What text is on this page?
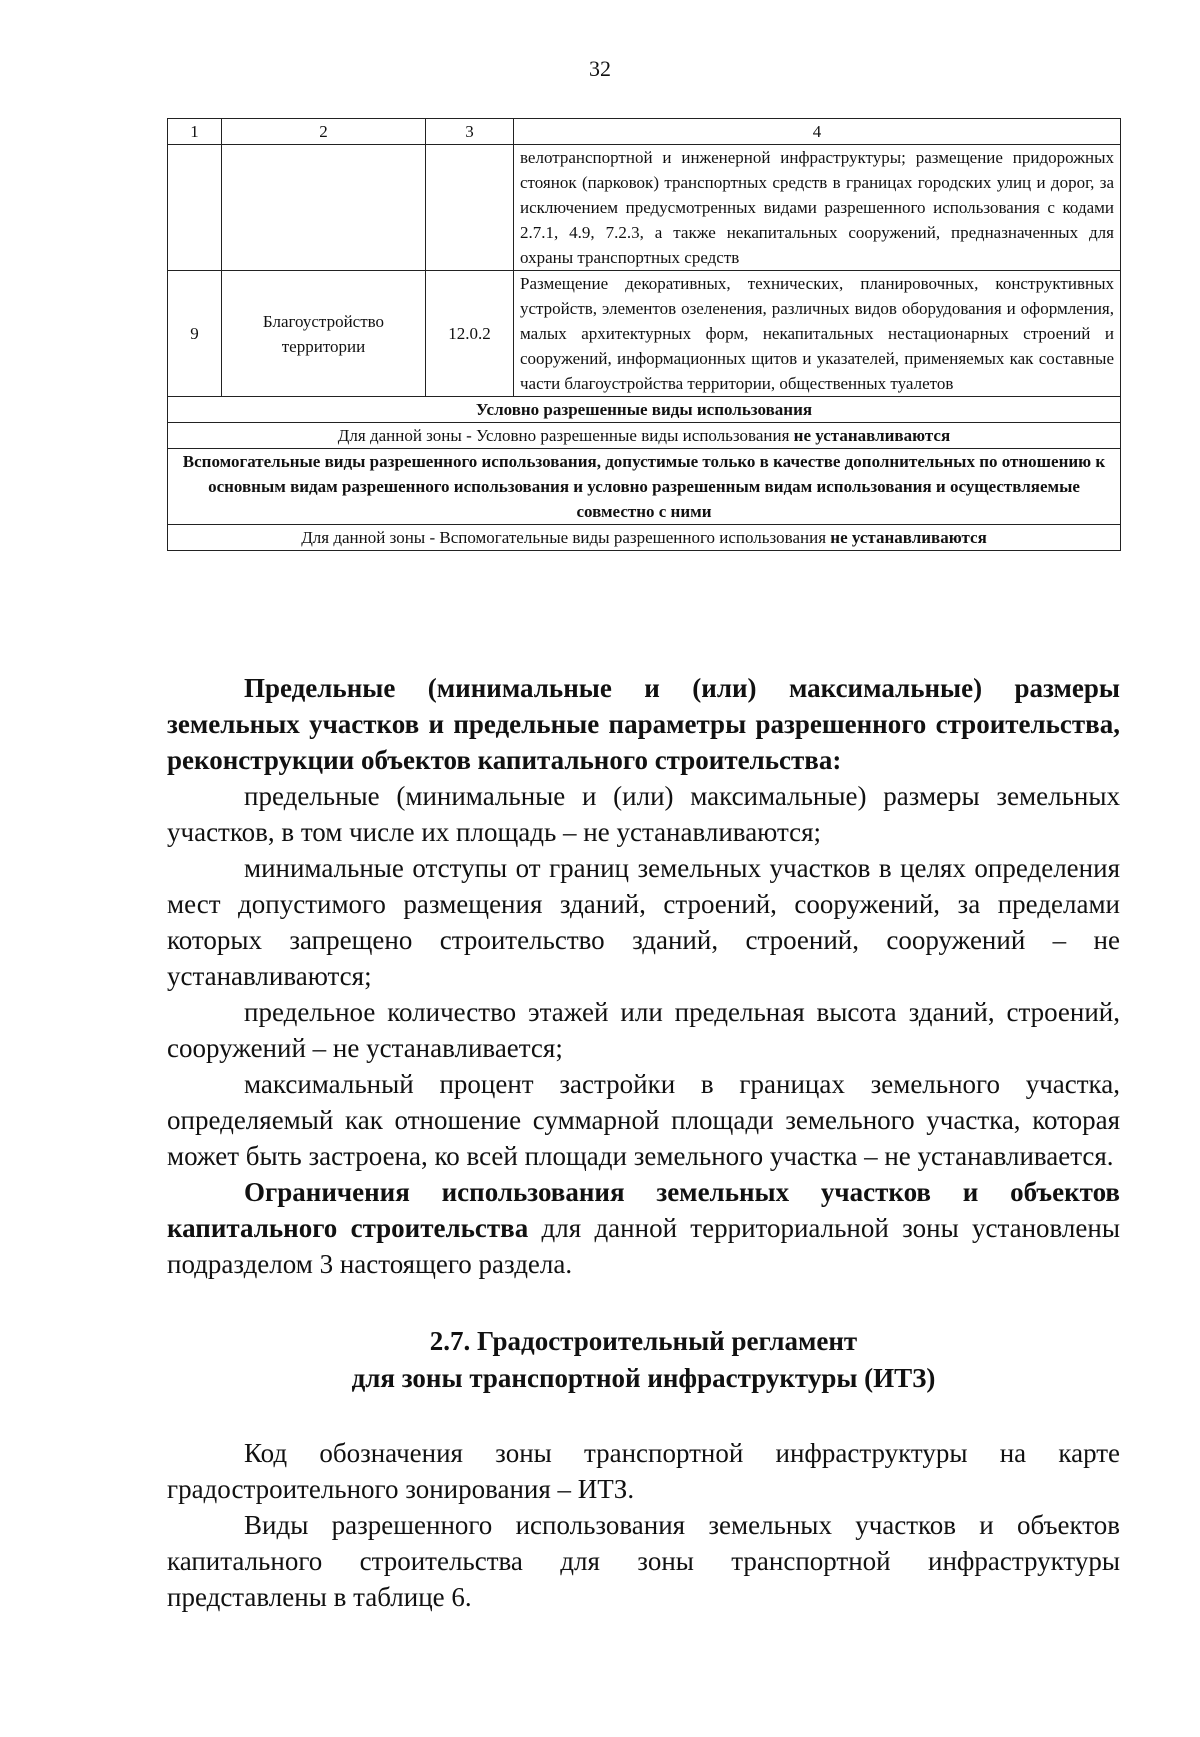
32
1	2	3	4
			велотранспортной и инженерной инфраструктуры; размещение придорожных стоянок (парковок) транспортных средств в границах городских улиц и дорог, за исключением предусмотренных видами разрешенного использования с кодами 2.7.1, 4.9, 7.2.3, а также некапитальных сооружений, предназначенных для охраны транспортных средств
9	Благоустройство территории	12.0.2	Размещение декоративных, технических, планировочных, конструктивных устройств, элементов озеленения, различных видов оборудования и оформления, малых архитектурных форм, некапитальных нестационарных строений и сооружений, информационных щитов и указателей, применяемых как составные части благоустройства территории, общественных туалетов
Условно разрешенные виды использования			
Для данной зоны - Условно разрешенные виды использования не устанавливаются			
Вспомогательные виды разрешенного использования, допустимые только в качестве дополнительных по отношению к основным видам разрешенного использования и условно разрешенным видам использования и осуществляемые совместно с ними			
Для данной зоны - Вспомогательные виды разрешенного использования не устанавливаются			

Предельные (минимальные и (или) максимальные) размеры земельных участков и предельные параметры разрешенного строительства, реконструкции объектов капитального строительства:

предельные (минимальные и (или) максимальные) размеры земельных участков, в том числе их площадь – не устанавливаются;

минимальные отступы от границ земельных участков в целях определения мест допустимого размещения зданий, строений, сооружений, за пределами которых запрещено строительство зданий, строений, сооружений – не устанавливаются;

предельное количество этажей или предельная высота зданий, строений, сооружений – не устанавливается;

максимальный процент застройки в границах земельного участка, определяемый как отношение суммарной площади земельного участка, которая может быть застроена, ко всей площади земельного участка – не устанавливается.

Ограничения использования земельных участков и объектов капитального строительства для данной территориальной зоны установлены подразделом 3 настоящего раздела.

2.7. Градостроительный регламент
для зоны транспортной инфраструктуры (ИТЗ)

Код обозначения зоны транспортной инфраструктуры на карте градостроительного зонирования – ИТЗ.

Виды разрешенного использования земельных участков и объектов капитального строительства для зоны транспортной инфраструктуры представлены в таблице 6.
